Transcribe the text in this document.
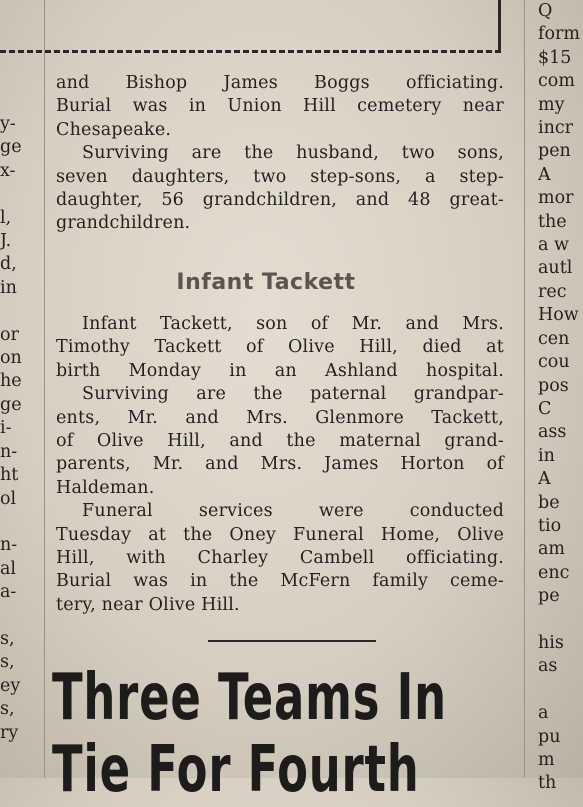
y-
ge
x-

l,
J.
d,
in

or
on
he
ge
i-
n-
ht
ol

n-
al
a-

s,
s,
ey
s,
ry
Q
form
$15
com
my
incr
pen
A
mor
the
a w
autl
rec
How
cen
cou
pos
C
ass
in
A
be
tio
am
enc
pe

his
as

a
pu
m
th

and Bishop James Boggs officiating.
Burial was in Union Hill cemetery near
Chesapeake.

Surviving are the husband, two sons,
seven daughters, two step-sons, a step-
daughter, 56 grandchildren, and 48 great-
grandchildren.

Infant Tackett

Infant Tackett, son of Mr. and Mrs.
Timothy Tackett of Olive Hill, died at
birth Monday in an Ashland hospital.

Surviving are the paternal grandpar-
ents, Mr. and Mrs. Glenmore Tackett,
of Olive Hill, and the maternal grand-
parents, Mr. and Mrs. James Horton of
Haldeman.

Funeral services were conducted
Tuesday at the Oney Funeral Home, Olive
Hill, with Charley Cambell officiating.
Burial was in the McFern family ceme-
tery, near Olive Hill.

Three Teams In
Tie For Fourth
